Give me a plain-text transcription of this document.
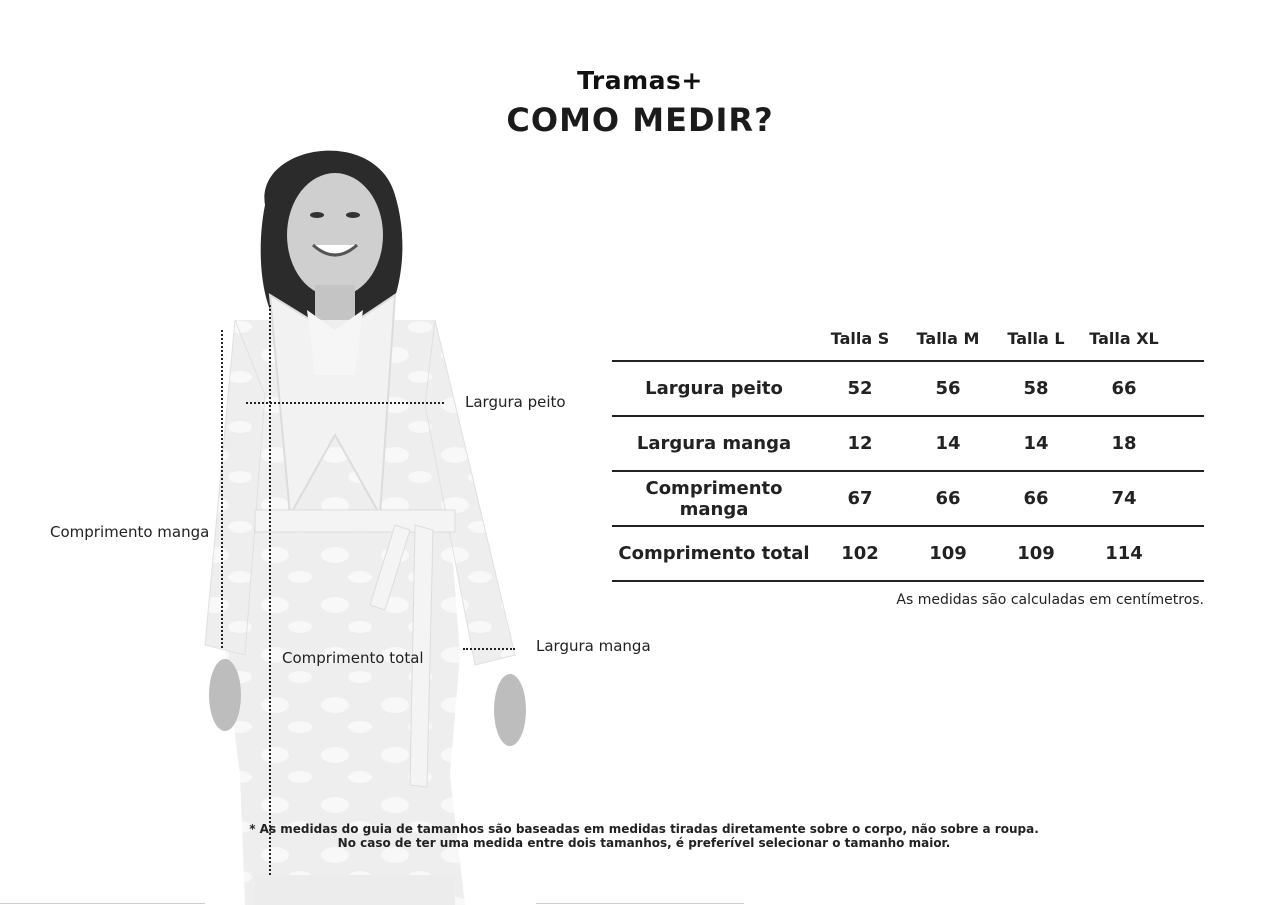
Tramas+
COMO MEDIR?
Largura peito
Comprimento manga
Largura manga
Comprimento total
Talla S	Talla M	Talla L	Talla XL
Largura peito	52	56	58	66
Largura manga	12	14	14	18
Comprimento manga	67	66	66	74
Comprimento total	102	109	109	114
As medidas são calculadas em centímetros.
* As medidas do guia de tamanhos são baseadas em medidas tiradas diretamente sobre o corpo, não sobre a roupa.
No caso de ter uma medida entre dois tamanhos, é preferível selecionar o tamanho maior.
